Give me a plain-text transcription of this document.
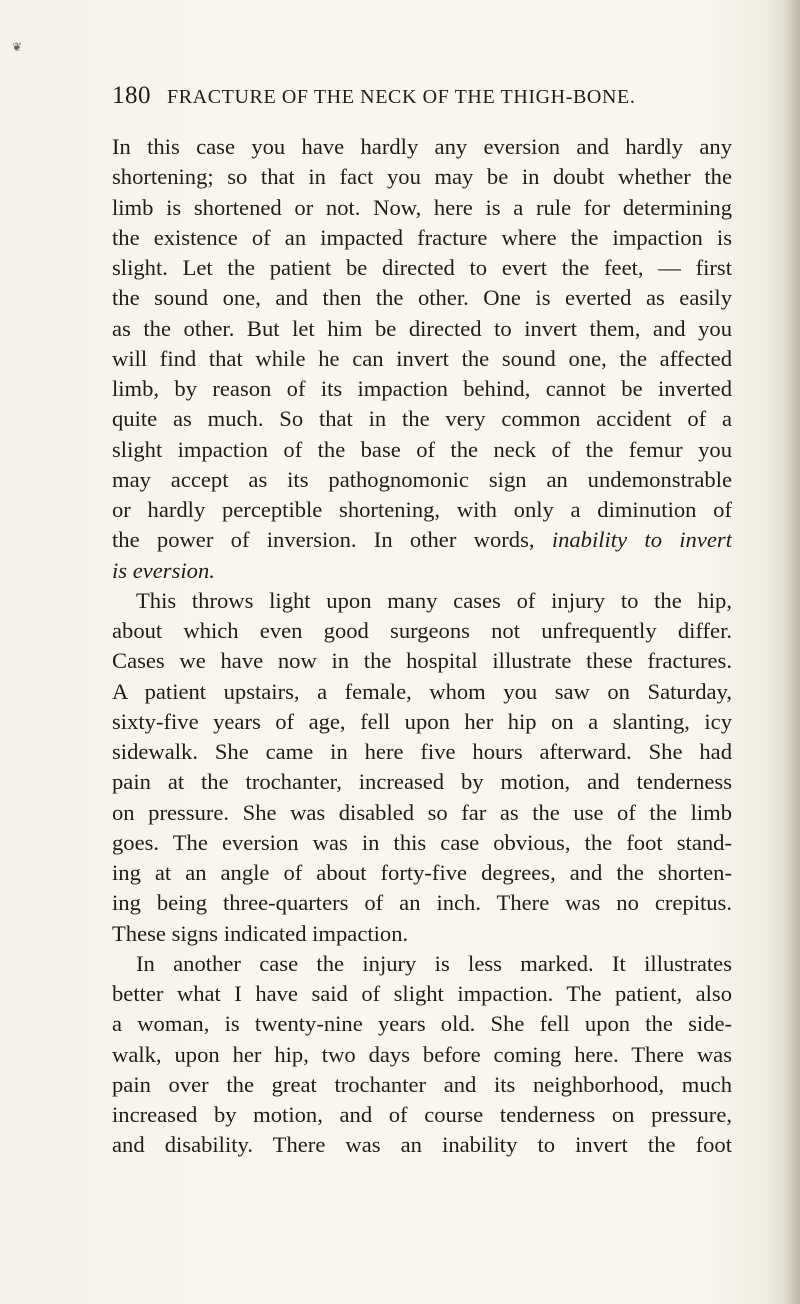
❦
180 FRACTURE OF THE NECK OF THE THIGH-BONE.
In this case you have hardly any eversion and hardly any
shortening; so that in fact you may be in doubt whether the
limb is shortened or not. Now, here is a rule for determining
the existence of an impacted fracture where the impaction is
slight. Let the patient be directed to evert the feet, — first
the sound one, and then the other. One is everted as easily
as the other. But let him be directed to invert them, and you
will find that while he can invert the sound one, the affected
limb, by reason of its impaction behind, cannot be inverted
quite as much. So that in the very common accident of a
slight impaction of the base of the neck of the femur you
may accept as its pathognomonic sign an undemonstrable
or hardly perceptible shortening, with only a diminution of
the power of inversion. In other words, inability to invert
is eversion.
This throws light upon many cases of injury to the hip,
about which even good surgeons not unfrequently differ.
Cases we have now in the hospital illustrate these fractures.
A patient upstairs, a female, whom you saw on Saturday,
sixty-five years of age, fell upon her hip on a slanting, icy
sidewalk. She came in here five hours afterward. She had
pain at the trochanter, increased by motion, and tenderness
on pressure. She was disabled so far as the use of the limb
goes. The eversion was in this case obvious, the foot stand-
ing at an angle of about forty-five degrees, and the shorten-
ing being three-quarters of an inch. There was no crepitus.
These signs indicated impaction.
In another case the injury is less marked. It illustrates
better what I have said of slight impaction. The patient, also
a woman, is twenty-nine years old. She fell upon the side-
walk, upon her hip, two days before coming here. There was
pain over the great trochanter and its neighborhood, much
increased by motion, and of course tenderness on pressure,
and disability. There was an inability to invert the foot
